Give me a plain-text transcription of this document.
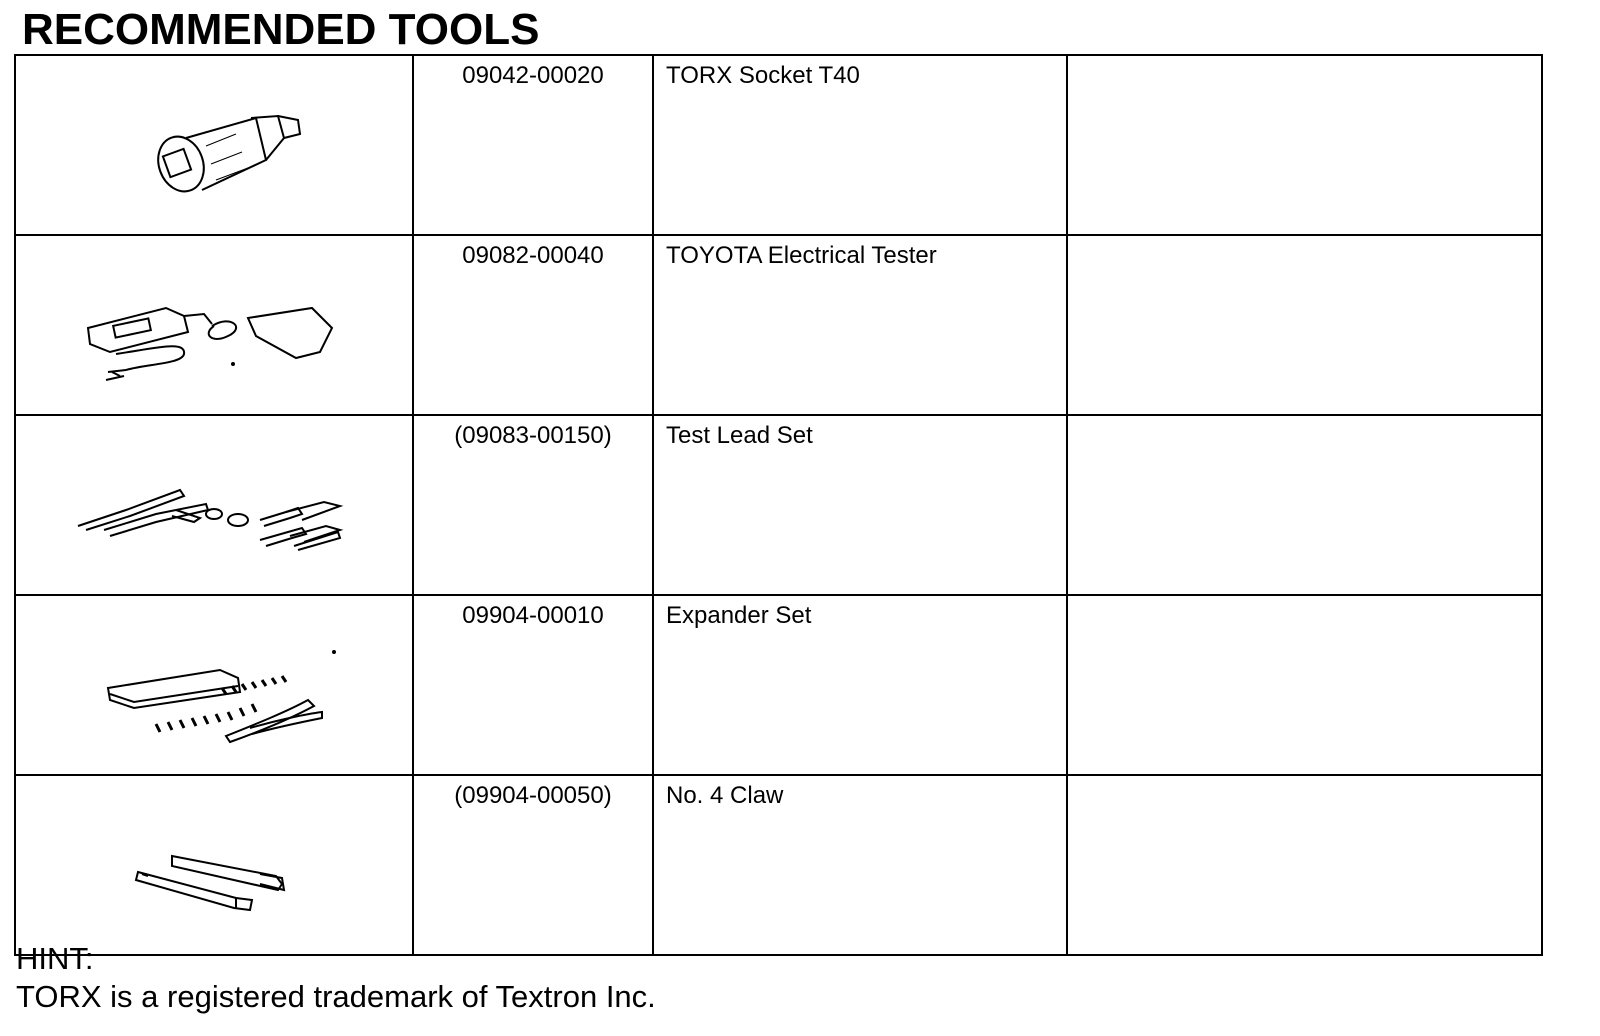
RECOMMENDED TOOLS
	09042-00020	TORX Socket T40	

	09082-00040	TOYOTA Electrical Tester	

	(09083-00150)	Test Lead Set	

	09904-00010	Expander Set	

	(09904-00050)	No. 4 Claw	

HINT:

TORX is a registered trademark of Textron Inc.
